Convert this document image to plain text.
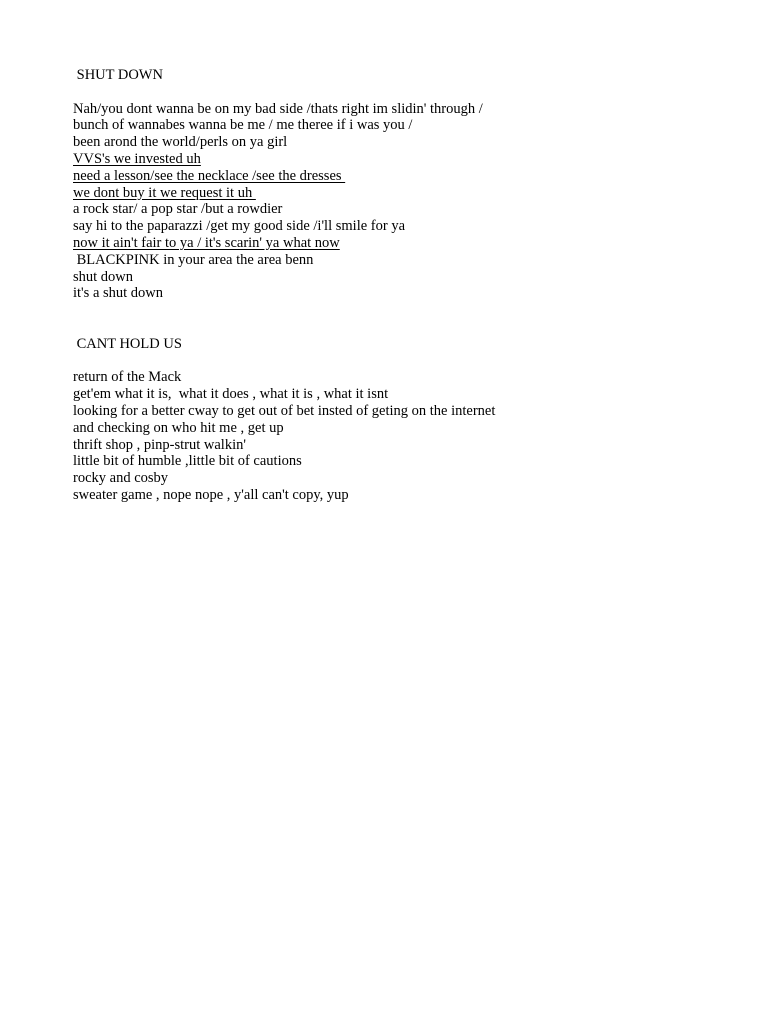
SHUT DOWN
Nah/you dont wanna be on my bad side /thats right im slidin' through /
bunch of wannabes wanna be me / me theree if i was you /
been arond the world/perls on ya girl
VVS's we invested uh
need a lesson/see the necklace /see the dresses
we dont buy it we request it uh
a rock star/ a pop star /but a rowdier
say hi to the paparazzi /get my good side /i'll smile for ya
now it ain't fair to ya / it's scarin' ya what now
BLACKPINK in your area the area benn
shut down
it's a shut down
CANT HOLD US
return of the Mack
get'em what it is,  what it does , what it is , what it isnt
looking for a better cway to get out of bet insted of geting on the internet
and checking on who hit me , get up
thrift shop , pinp-strut walkin'
little bit of humble ,little bit of cautions
rocky and cosby
sweater game , nope nope , y'all can't copy, yup
